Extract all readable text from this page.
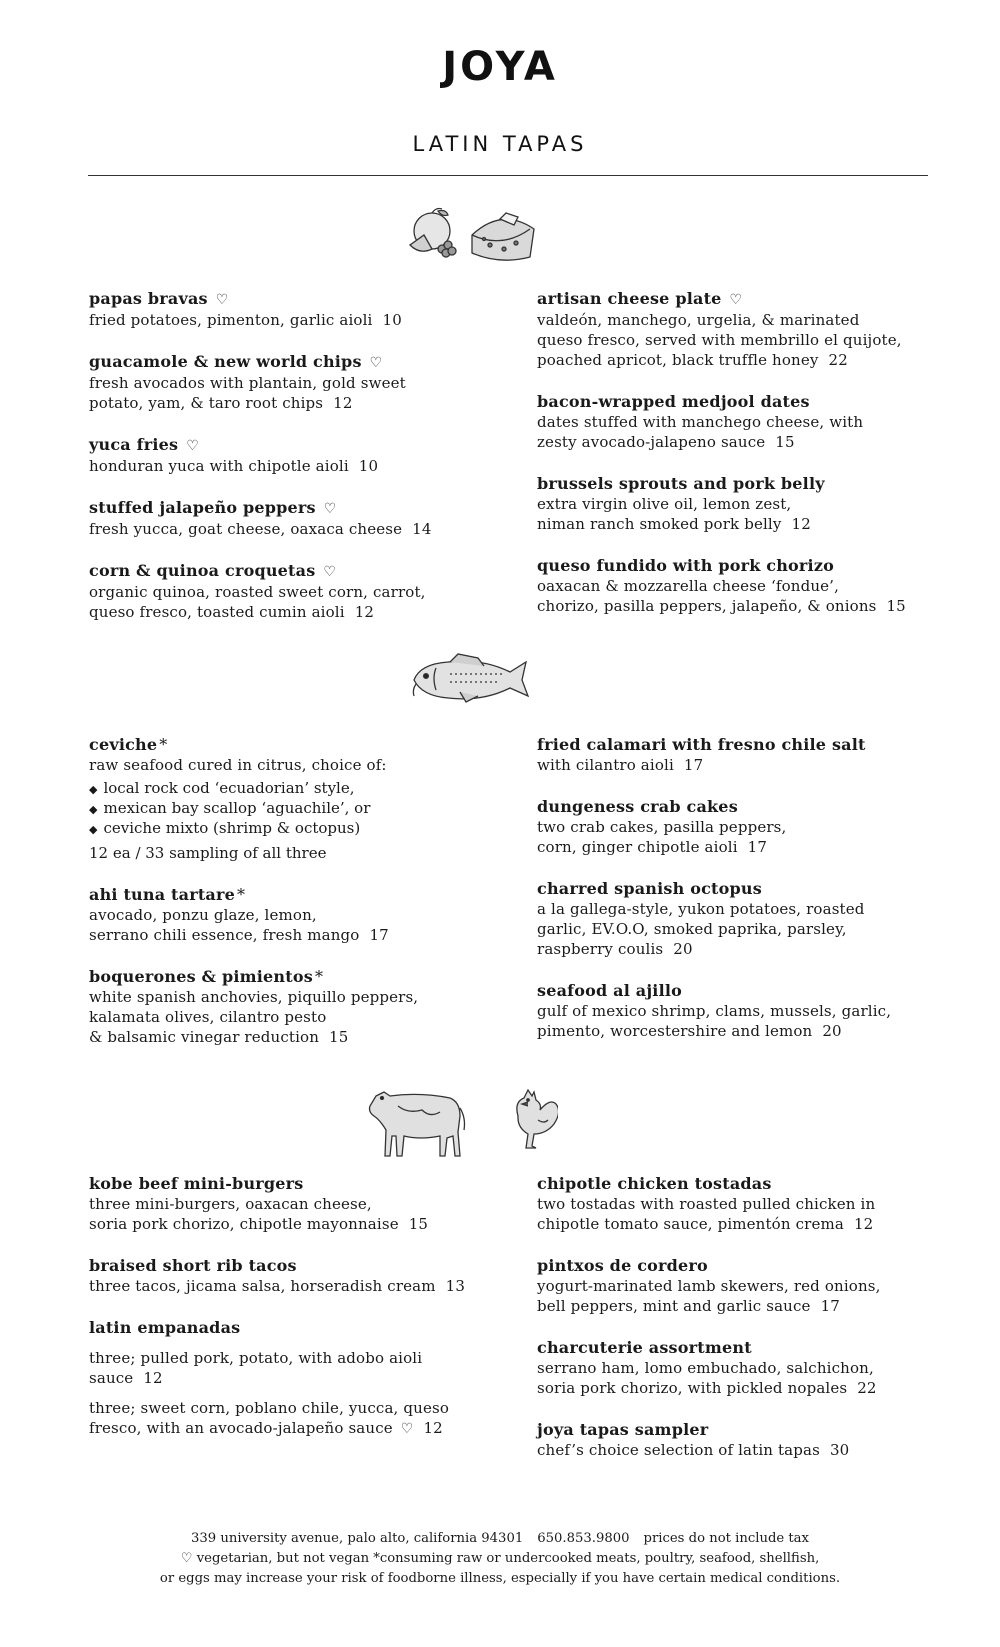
JOYA
LATIN TAPAS
papas bravas ♡
fried potatoes, pimenton, garlic aioli 10
guacamole & new world chips ♡
fresh avocados with plantain, gold sweet
potato, yam, & taro root chips 12
yuca fries ♡
honduran yuca with chipotle aioli 10
stuffed jalapeño peppers ♡
fresh yucca, goat cheese, oaxaca cheese 14
corn & quinoa croquetas ♡
organic quinoa, roasted sweet corn, carrot,
queso fresco, toasted cumin aioli 12
artisan cheese plate ♡
valdeón, manchego, urgelia, & marinated
queso fresco, served with membrillo el quijote,
poached apricot, black truffle honey 22
bacon-wrapped medjool dates
dates stuffed with manchego cheese, with
zesty avocado-jalapeno sauce 15
brussels sprouts and pork belly
extra virgin olive oil, lemon zest,
niman ranch smoked pork belly 12
queso fundido with pork chorizo
oaxacan & mozzarella cheese ‘fondue’,
chorizo, pasilla peppers, jalapeño, & onions 15
ceviche *
raw seafood cured in citrus, choice of:
◆ local rock cod ‘ecuadorian’ style,
◆ mexican bay scallop ‘aguachile’, or
◆ ceviche mixto (shrimp & octopus)
12 ea / 33 sampling of all three
ahi tuna tartare *
avocado, ponzu glaze, lemon,
serrano chili essence, fresh mango 17
boquerones & pimientos *
white spanish anchovies, piquillo peppers,
kalamata olives, cilantro pesto
& balsamic vinegar reduction 15
fried calamari with fresno chile salt
with cilantro aioli 17
dungeness crab cakes
two crab cakes, pasilla peppers,
corn, ginger chipotle aioli 17
charred spanish octopus
a la gallega-style, yukon potatoes, roasted
garlic, EV.O.O, smoked paprika, parsley,
raspberry coulis 20
seafood al ajillo
gulf of mexico shrimp, clams, mussels, garlic,
pimento, worcestershire and lemon 20
kobe beef mini-burgers
three mini-burgers, oaxacan cheese,
soria pork chorizo, chipotle mayonnaise 15
braised short rib tacos
three tacos, jicama salsa, horseradish cream 13
latin empanadas
three; pulled pork, potato, with adobo aioli
sauce 12
three; sweet corn, poblano chile, yucca, queso
fresco, with an avocado-jalapeño sauce ♡ 12
chipotle chicken tostadas
two tostadas with roasted pulled chicken in
chipotle tomato sauce, pimentón crema 12
pintxos de cordero
yogurt-marinated lamb skewers, red onions,
bell peppers, mint and garlic sauce 17
charcuterie assortment
serrano ham, lomo embuchado, salchichon,
soria pork chorizo, with pickled nopales 22
joya tapas sampler
chef’s choice selection of latin tapas 30
339 university avenue, palo alto, california 94301 650.853.9800 prices do not include tax
♡ vegetarian, but not vegan *consuming raw or undercooked meats, poultry, seafood, shellfish,
or eggs may increase your risk of foodborne illness, especially if you have certain medical conditions.
